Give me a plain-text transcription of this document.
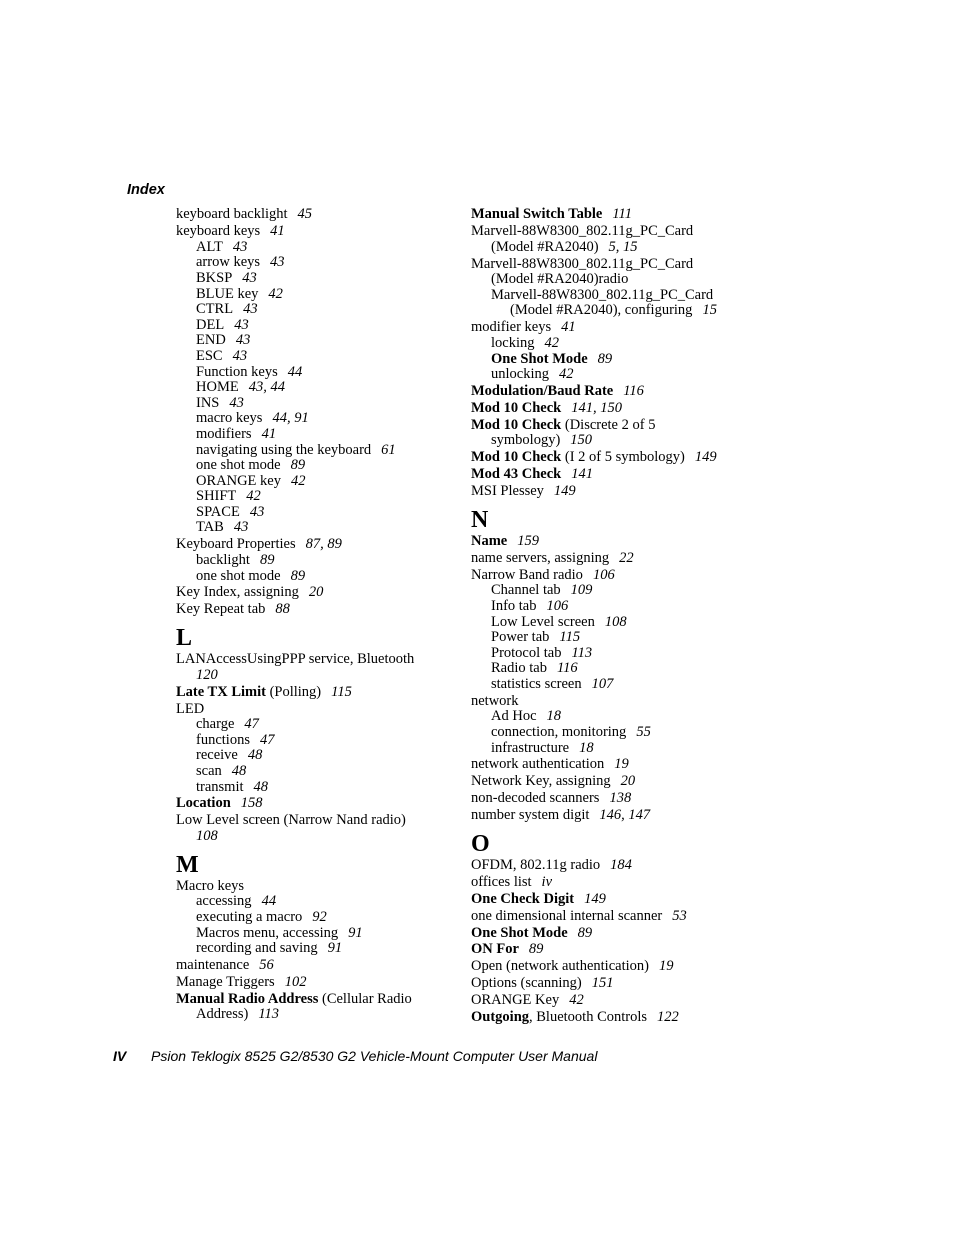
Index

keyboard backlight 45

keyboard keys 41

ALT 43

arrow keys 43

BKSP 43

BLUE key 42

CTRL 43

DEL 43

END 43

ESC 43

Function keys 44

HOME 43, 44

INS 43

macro keys 44, 91

modifiers 41

navigating using the keyboard 61

one shot mode 89

ORANGE key 42

SHIFT 42

SPACE 43

TAB 43

Keyboard Properties 87, 89

backlight 89

one shot mode 89

Key Index, assigning 20

Key Repeat tab 88

L

LANAccessUsingPPP service, Bluetooth

120

Late TX Limit (Polling) 115

LED

charge 47

functions 47

receive 48

scan 48

transmit 48

Location 158

Low Level screen (Narrow Nand radio)

108

M

Macro keys

accessing 44

executing a macro 92

Macros menu, accessing 91

recording and saving 91

maintenance 56

Manage Triggers 102

Manual Radio Address (Cellular Radio

Address) 113

Manual Switch Table 111

Marvell-88W8300_802.11g_PC_Card

(Model #RA2040) 5, 15

Marvell-88W8300_802.11g_PC_Card

(Model #RA2040)radio

Marvell-88W8300_802.11g_PC_Card

(Model #RA2040), configuring 15

modifier keys 41

locking 42

One Shot Mode 89

unlocking 42

Modulation/Baud Rate 116

Mod 10 Check 141, 150

Mod 10 Check (Discrete 2 of 5

symbology) 150

Mod 10 Check (I 2 of 5 symbology) 149

Mod 43 Check 141

MSI Plessey 149

N

Name 159

name servers, assigning 22

Narrow Band radio 106

Channel tab 109

Info tab 106

Low Level screen 108

Power tab 115

Protocol tab 113

Radio tab 116

statistics screen 107

network

Ad Hoc 18

connection, monitoring 55

infrastructure 18

network authentication 19

Network Key, assigning 20

non-decoded scanners 138

number system digit 146, 147

O

OFDM, 802.11g radio 184

offices list iv

One Check Digit 149

one dimensional internal scanner 53

One Shot Mode 89

ON For 89

Open (network authentication) 19

Options (scanning) 151

ORANGE Key 42

Outgoing, Bluetooth Controls 122

IV Psion Teklogix 8525 G2/8530 G2 Vehicle-Mount Computer User Manual
